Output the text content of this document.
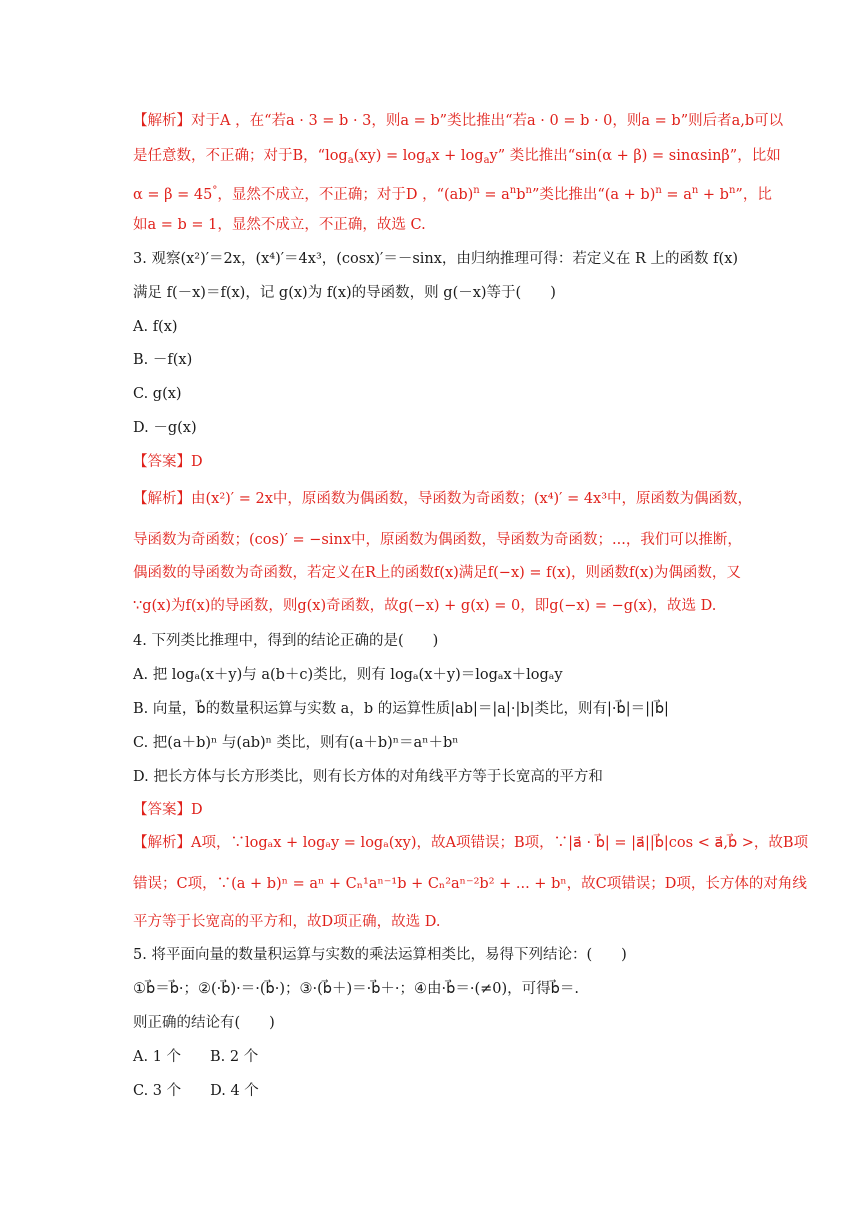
【解析】对于A ，在“若a · 3 = b · 3，则a = b”类比推出“若a · 0 = b · 0，则a = b”则后者a,b可以
是任意数，不正确；对于B，“$\log_a(xy) = \log_ax + \log_ay$” 类比推出“sin(α + β) = sinαsinβ”，比如
α = β = 45°，显然不成立，不正确；对于D ，“$(ab)^n = a^nb^n$”类比推出“$(a + b)^n = a^n + b^n$”，比
如a = b = 1，显然不成立，不正确，故选 C.
3. 观察(x²)′＝2x，(x⁴)′＝4x³，(cosx)′＝－sinx，由归纳推理可得：若定义在 R 上的函数 f(x)
满足 f(－x)＝f(x)，记 g(x)为 f(x)的导函数，则 g(－x)等于(　　)
A. f(x)
B. －f(x)
C. g(x)
D. －g(x)
【答案】D
【解析】由(x²)′ = 2x中，原函数为偶函数，导函数为奇函数；(x⁴)′ = 4x³中，原函数为偶函数，
导函数为奇函数；(cos)′ = −sinx中，原函数为偶函数，导函数为奇函数；...，我们可以推断，
偶函数的导函数为奇函数，若定义在R上的函数f(x)满足f(−x) = f(x)，则函数f(x)为偶函数，又
∵g(x)为f(x)的导函数，则g(x)奇函数，故g(−x) + g(x) = 0，即g(−x) = −g(x)，故选 D.
4. 下列类比推理中，得到的结论正确的是(　　)
A. 把 logₐ(x＋y)与 a(b＋c)类比，则有 logₐ(x＋y)＝logₐx＋logₐy
B. 向量，b⃗的数量积运算与实数 a，b 的运算性质|ab|＝|a|·|b|类比，则有|·b⃗|＝||b⃗|
C. 把(a＋b)ⁿ 与(ab)ⁿ 类比，则有(a＋b)ⁿ＝aⁿ＋bⁿ
D. 把长方体与长方形类比，则有长方体的对角线平方等于长宽高的平方和
【答案】D
【解析】A项，∵logₐx + logₐy = logₐ(xy)，故A项错误；B项，∵|a⃗ · b⃗| = |a⃗||b⃗|cos < a⃗,b⃗ >，故B项
错误；C项，∵(a + b)ⁿ = aⁿ + Cₙ¹aⁿ⁻¹b + Cₙ²aⁿ⁻²b² + ... + bⁿ，故C项错误；D项，长方体的对角线
平方等于长宽高的平方和，故D项正确，故选 D.
5. 将平面向量的数量积运算与实数的乘法运算相类比，易得下列结论：(　　)
①b⃗＝b⃗·；②(·b⃗)·＝·(b⃗·)；③·(b⃗＋)＝·b⃗＋·；④由·b⃗＝·(≠0)，可得b⃗＝.
则正确的结论有(　　)
A. 1 个　　B. 2 个
C. 3 个　　D. 4 个
